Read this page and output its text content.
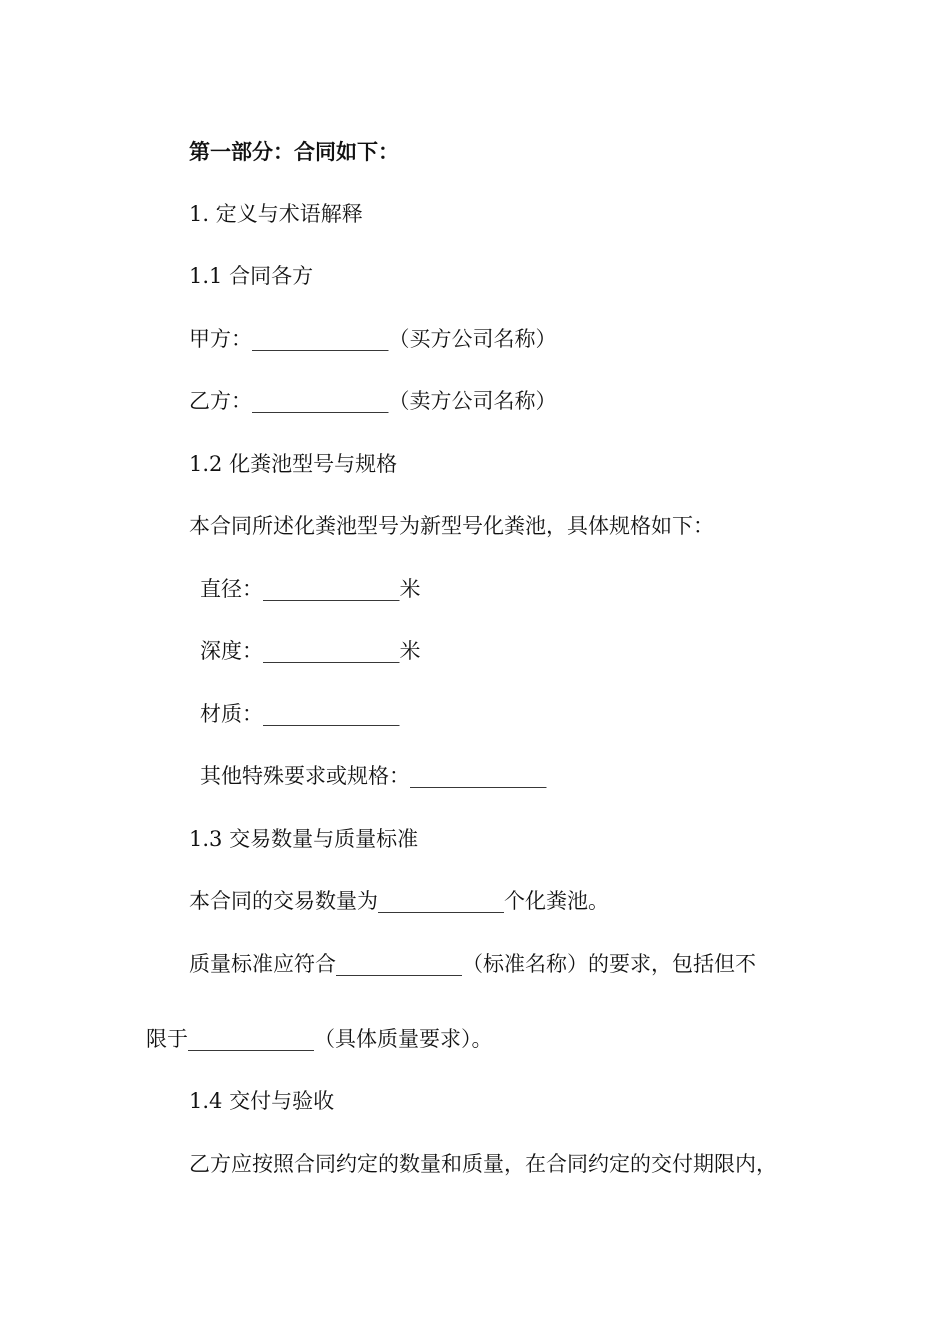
第一部分：合同如下：
1. 定义与术语解释
1.1 合同各方
甲方：_____________（买方公司名称）
乙方：_____________（卖方公司名称）
1.2 化粪池型号与规格
本合同所述化粪池型号为新型号化粪池，具体规格如下：
直径：_____________米
深度：_____________米
材质：_____________
其他特殊要求或规格：_____________
1.3 交易数量与质量标准
本合同的交易数量为____________个化粪池。
质量标准应符合____________（标准名称）的要求，包括但不
限于____________（具体质量要求）。
1.4 交付与验收
乙方应按照合同约定的数量和质量，在合同约定的交付期限内，
